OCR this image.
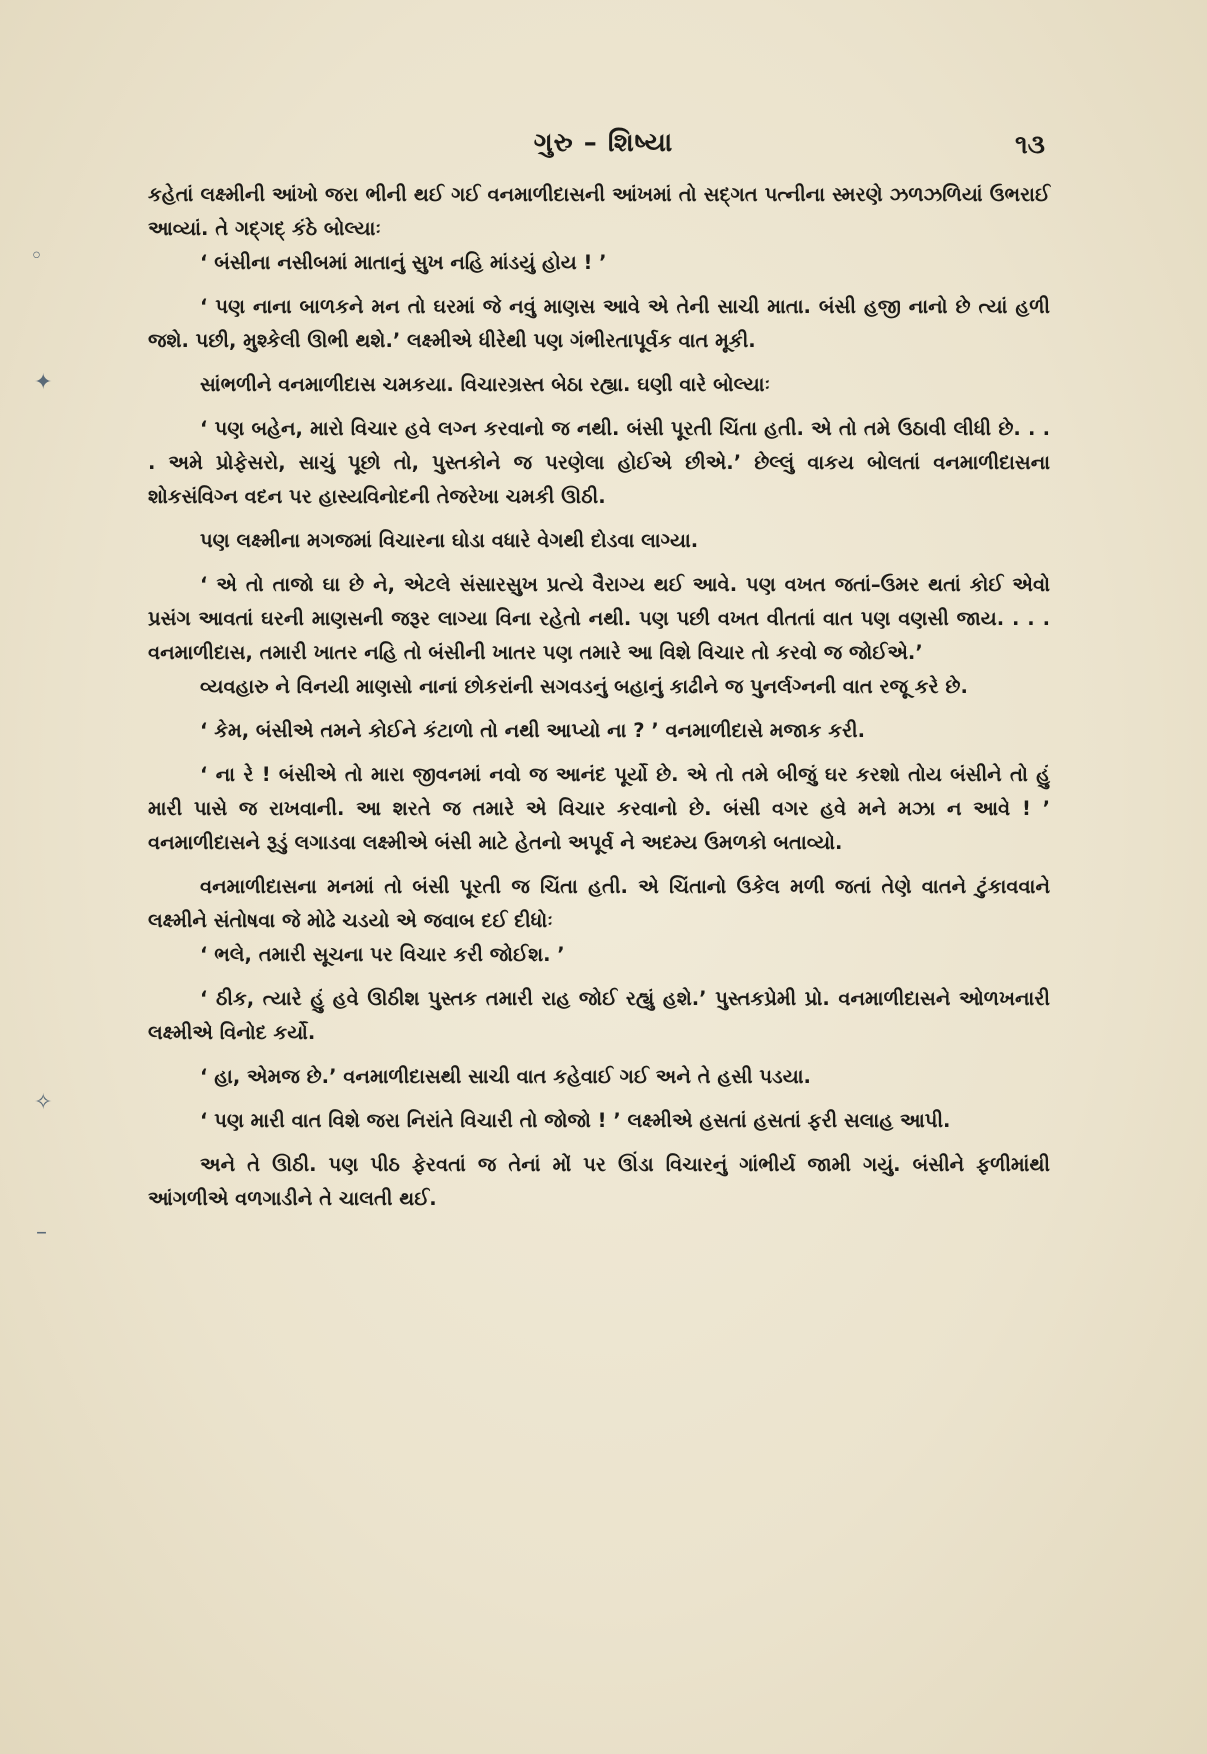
ગુરુ – શિષ્યા	૧૩

કહેતાં લક્ષ્મીની આંખો જરા ભીની થઈ ગઈ વનમાળીદાસની આંખમાં તો સદ્‌ગત પત્નીના સ્મરણે ઝળઝળિયાં ઉભરાઈ આવ્યાં. તે ગદ્‌ગદ્‌ કંઠે બોલ્યાઃ

‘ બંસીના નસીબમાં માતાનું સુખ નહિ માંડયું હોય ! ’

‘ પણ નાના બાળકને મન તો ઘરમાં જે નવું માણસ આવે એ તેની સાચી માતા. બંસી હજી નાનો છે ત્યાં હળી જશે. પછી, મુશ્કેલી ઊભી થશે.’ લક્ષ્મીએ ધીરેથી પણ ગંભીરતાપૂર્વક વાત મૂકી.

સાંભળીને વનમાળીદાસ ચમકયા. વિચારગ્રસ્ત બેઠા રહ્યા. ઘણી વારે બોલ્યાઃ

‘ પણ બહેન, મારો વિચાર હવે લગ્ન કરવાનો જ નથી. બંસી પૂરતી ચિંતા હતી. એ તો તમે ઉઠાવી લીધી છે. . . . અમે પ્રોફેસરો, સાચું પૂછો તો, પુસ્તકોને જ પરણેલા હોઈએ છીએ.’ છેલ્લું વાકય બોલતાં વનમાળીદાસના શોકસંવિગ્ન વદન પર હાસ્યવિનોદની તેજરેખા ચમકી ઊઠી.

પણ લક્ષ્મીના મગજમાં વિચારના ઘોડા વધારે વેગથી દોડવા લાગ્યા.

‘ એ તો તાજો ઘા છે ને, એટલે સંસારસુખ પ્રત્યે વૈરાગ્ય થઈ આવે. પણ વખત જતાં–ઉમર થતાં કોઈ એવો પ્રસંગ આવતાં ઘરની માણસની જરૂર લાગ્યા વિના રહેતો નથી. પણ પછી વખત વીતતાં વાત પણ વણસી જાય. . . . વનમાળીદાસ, તમારી ખાતર નહિ તો બંસીની ખાતર પણ તમારે આ વિશે વિચાર તો કરવો જ જોઈએ.’

વ્યવહારુ ને વિનયી માણસો નાનાં છોકરાંની સગવડનું બહાનું કાઢીને જ પુનર્લગ્નની વાત રજૂ કરે છે.

‘ કેમ, બંસીએ તમને કોઈને કંટાળો તો નથી આપ્યો ના ? ’ વનમાળીદાસે મજાક કરી.

‘ ના રે ! બંસીએ તો મારા જીવનમાં નવો જ આનંદ પૂર્યો છે. એ તો તમે બીજું ઘર કરશો તોય બંસીને તો હું મારી પાસે જ રાખવાની. આ શરતે જ તમારે એ વિચાર કરવાનો છે. બંસી વગર હવે મને મઝા ન આવે ! ’ વનમાળીદાસને રૂડું લગાડવા લક્ષ્મીએ બંસી માટે હેતનો અપૂર્વ ને અદમ્ય ઉમળકો બતાવ્યો.

વનમાળીદાસના મનમાં તો બંસી પૂરતી જ ચિંતા હતી. એ ચિંતાનો ઉકેલ મળી જતાં તેણે વાતને ટુંકાવવાને લક્ષ્મીને સંતોષવા જે મોઢે ચડયો એ જવાબ દઈ દીધોઃ

‘ ભલે, તમારી સૂચના પર વિચાર કરી જોઈશ. ’

‘ ઠીક, ત્યારે હું હવે ઊઠીશ પુસ્તક તમારી રાહ જોઈ રહ્યું હશે.’ પુસ્તકપ્રેમી પ્રો. વનમાળીદાસને ઓળખનારી લક્ષ્મીએ વિનોદ કર્યો.

‘ હા, એમજ છે.’ વનમાળીદાસથી સાચી વાત કહેવાઈ ગઈ અને તે હસી પડયા.

‘ પણ મારી વાત વિશે જરા નિરાંતે વિચારી તો જોજો ! ’ લક્ષ્મીએ હસતાં હસતાં ફરી સલાહ આપી.

અને તે ઊઠી. પણ પીઠ ફેરવતાં જ તેનાં મોં પર ઊંડા વિચારનું ગાંભીર્ય જામી ગયું. બંસીને ફળીમાંથી આંગળીએ વળગાડીને તે ચાલતી થઈ.

◦
✦
✧
–
